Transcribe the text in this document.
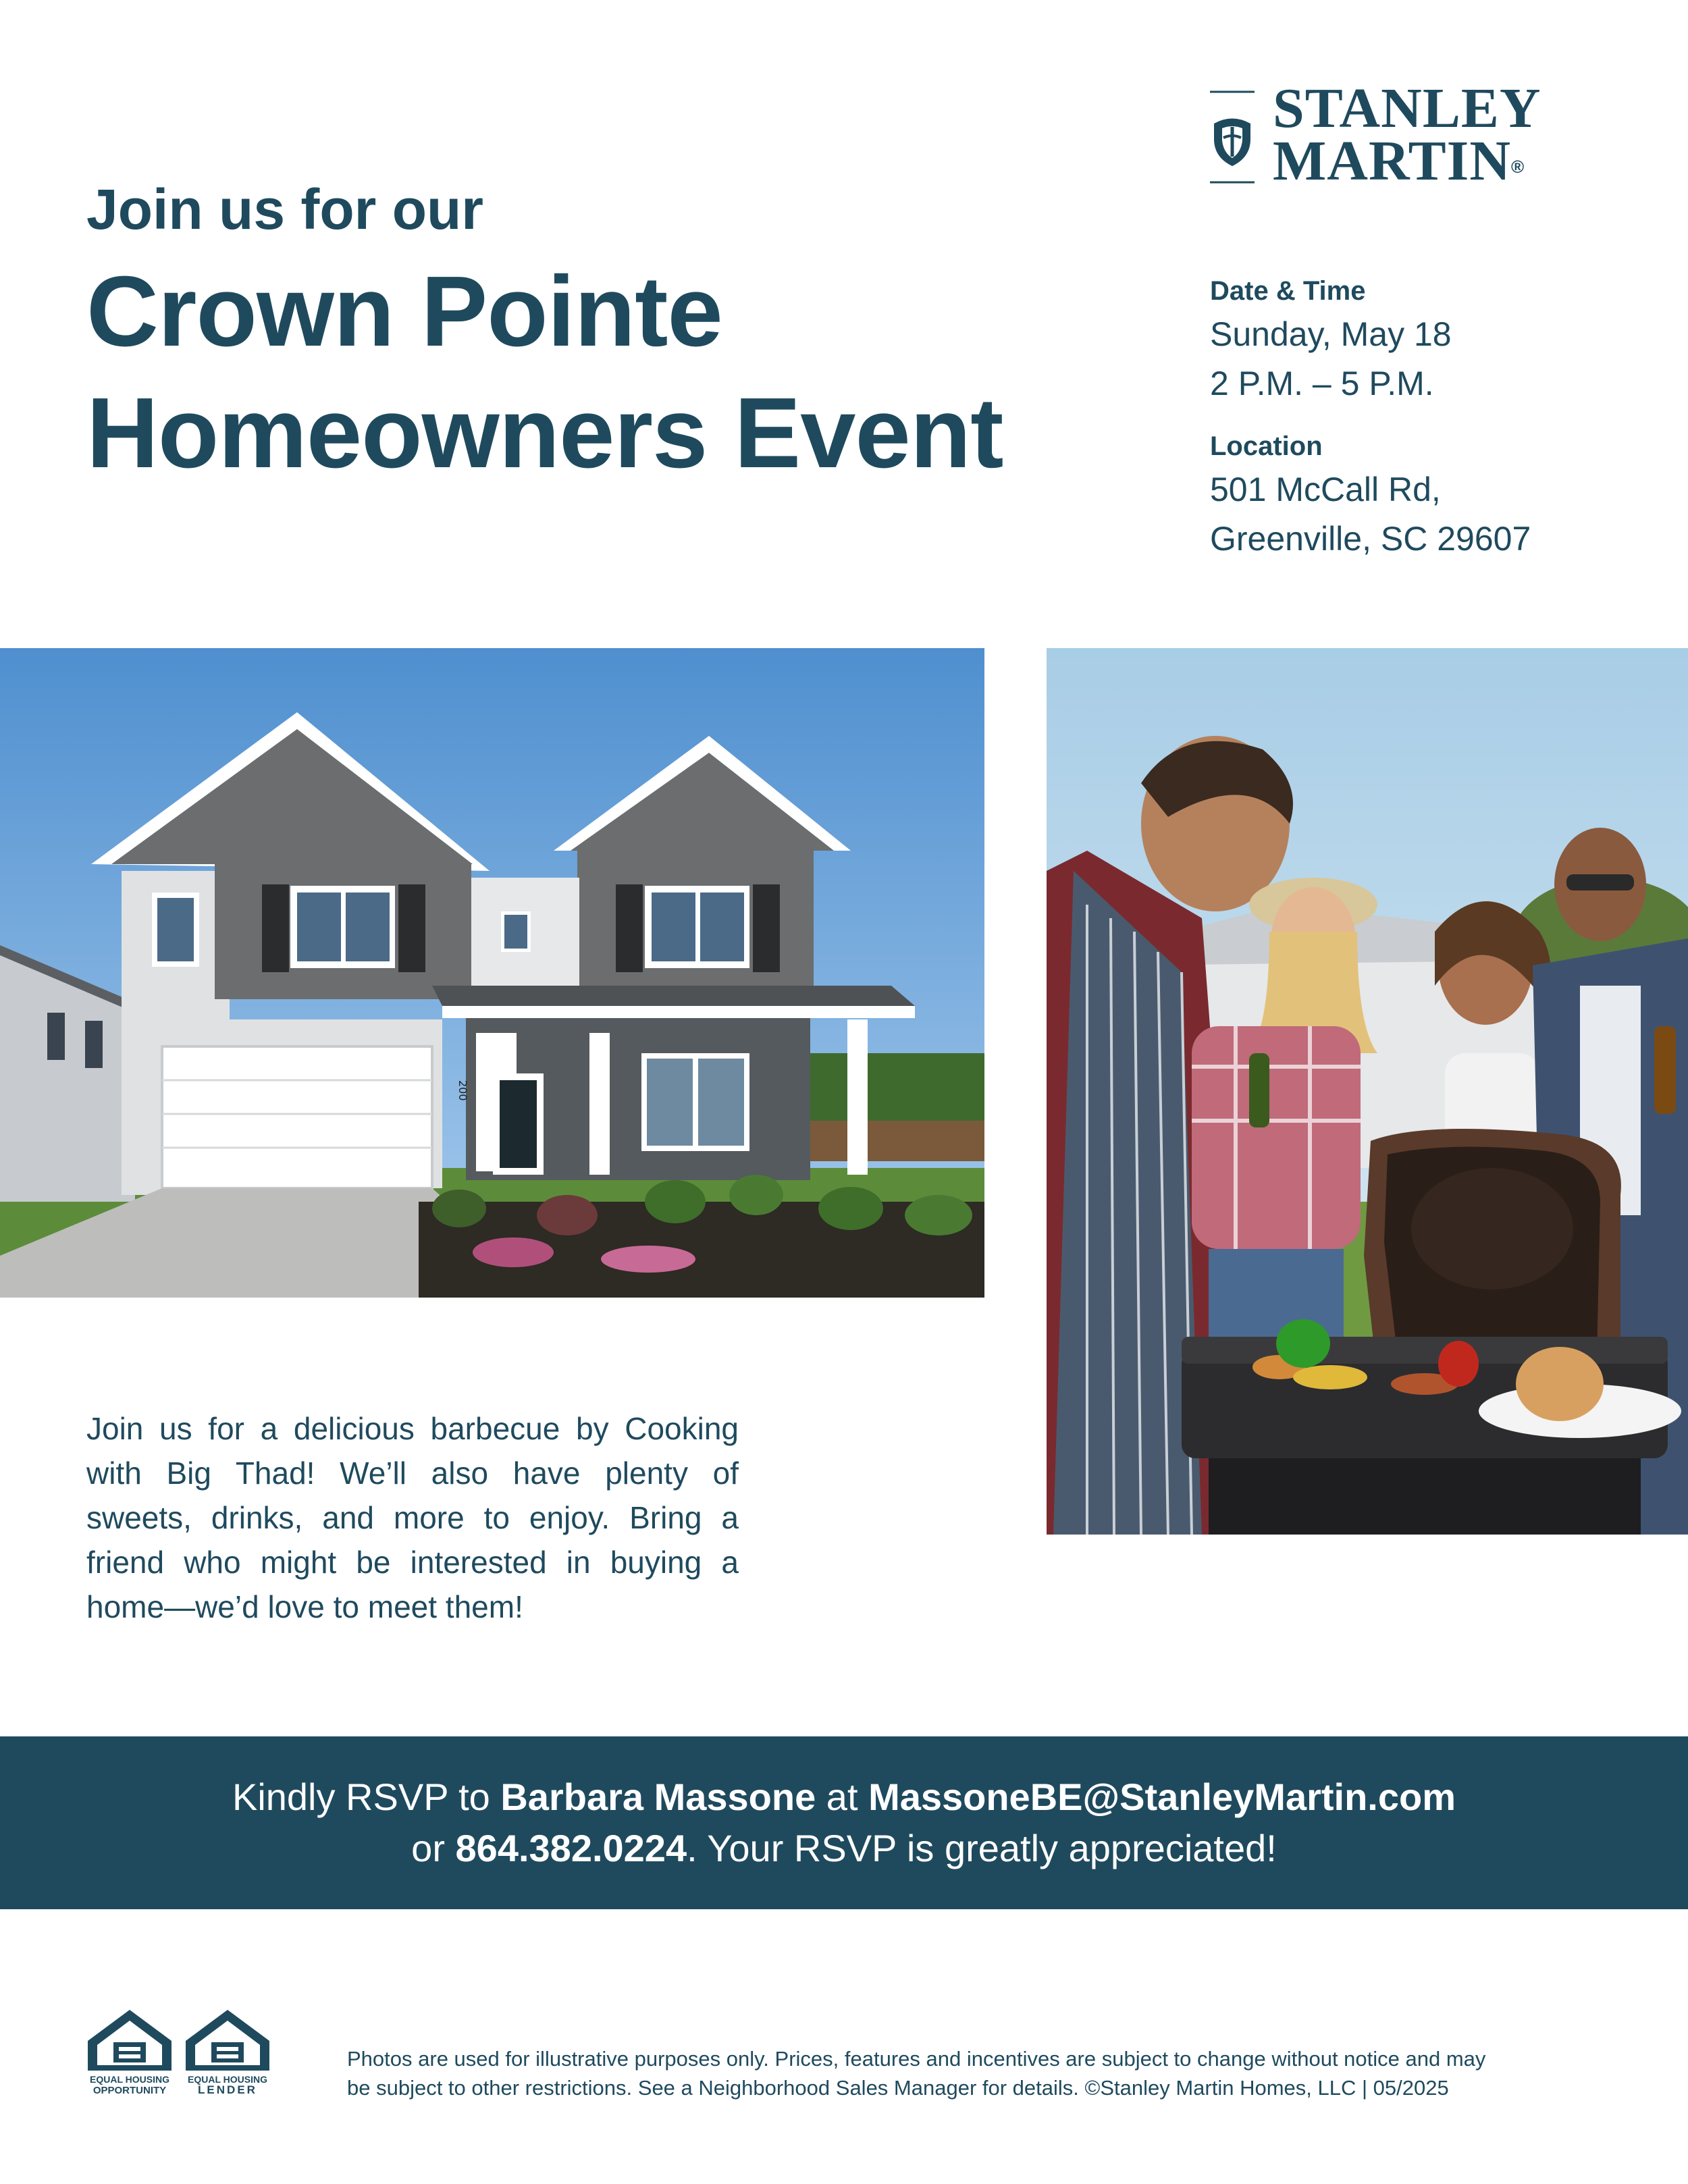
Join us for our
Crown Pointe
Homeowners Event
STANLEY
MARTIN®
Date & Time
Sunday, May 18
2 P.M. – 5 P.M.
Location
501 McCall Rd,
Greenville, SC 29607
200

Join us for a delicious barbecue by Cooking with Big Thad! We’ll also have plenty of sweets, drinks, and more to enjoy. Bring a friend who might be interested in buying a home—we’d love to meet them!

Kindly RSVP to Barbara Massone at MassoneBE@StanleyMartin.com
or 864.382.0224. Your RSVP is greatly appreciated!
EQUAL HOUSING
OPPORTUNITY
EQUAL HOUSING
LENDER
Photos are used for illustrative purposes only. Prices, features and incentives are subject to change without notice and may
be subject to other restrictions. See a Neighborhood Sales Manager for details. ©Stanley Martin Homes, LLC | 05/2025
